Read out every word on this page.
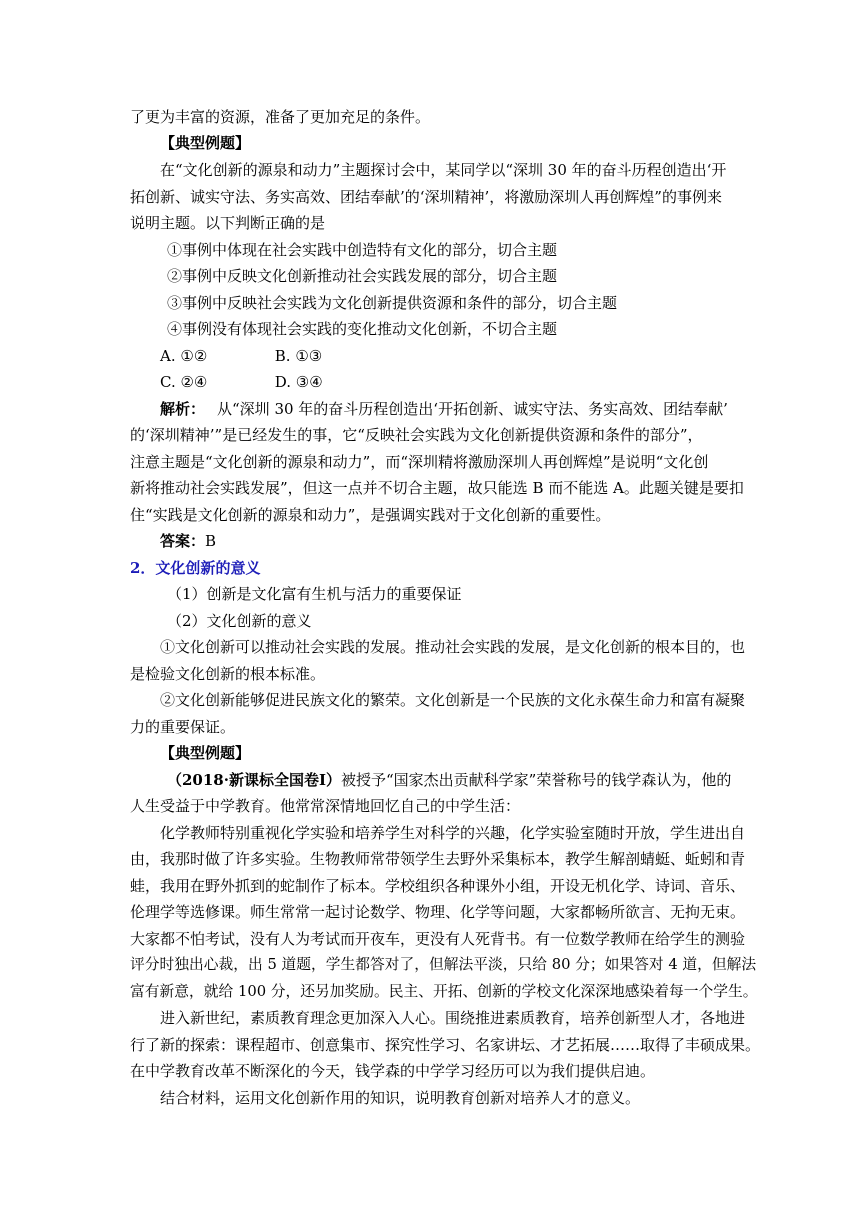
了更为丰富的资源，准备了更加充足的条件。
【典型例题】
在“文化创新的源泉和动力”主题探讨会中，某同学以“深圳 30 年的奋斗历程创造出‘开
拓创新、诚实守法、务实高效、团结奉献’的‘深圳精神’，将激励深圳人再创辉煌”的事例来
说明主题。以下判断正确的是
①事例中体现在社会实践中创造特有文化的部分，切合主题
②事例中反映文化创新推动社会实践发展的部分，切合主题
③事例中反映社会实践为文化创新提供资源和条件的部分，切合主题
④事例没有体现社会实践的变化推动文化创新，不切合主题
A. ①②	B. ①③
C. ②④	D. ③④
解析： 从“深圳 30 年的奋斗历程创造出‘开拓创新、诚实守法、务实高效、团结奉献’
的‘深圳精神’”是已经发生的事，它“反映社会实践为文化创新提供资源和条件的部分”，
注意主题是“文化创新的源泉和动力”，而“深圳精将激励深圳人再创辉煌”是说明“文化创
新将推动社会实践发展”，但这一点并不切合主题，故只能选 B 而不能选 A。此题关键是要扣
住“实践是文化创新的源泉和动力”，是强调实践对于文化创新的重要性。
答案：B
2．文化创新的意义
（1）创新是文化富有生机与活力的重要保证
（2）文化创新的意义
①文化创新可以推动社会实践的发展。推动社会实践的发展，是文化创新的根本目的，也
是检验文化创新的根本标准。
②文化创新能够促进民族文化的繁荣。文化创新是一个民族的文化永葆生命力和富有凝聚
力的重要保证。
【典型例题】
（2018·新课标全国卷Ⅰ）被授予“国家杰出贡献科学家”荣誉称号的钱学森认为，他的
人生受益于中学教育。他常常深情地回忆自己的中学生活：
化学教师特别重视化学实验和培养学生对科学的兴趣，化学实验室随时开放，学生进出自
由，我那时做了许多实验。生物教师常带领学生去野外采集标本，教学生解剖蜻蜓、蚯蚓和青
蛙，我用在野外抓到的蛇制作了标本。学校组织各种课外小组，开设无机化学、诗词、音乐、
伦理学等选修课。师生常常一起讨论数学、物理、化学等问题，大家都畅所欲言、无拘无束。
大家都不怕考试，没有人为考试而开夜车，更没有人死背书。有一位数学教师在给学生的测验
评分时独出心裁，出 5 道题，学生都答对了，但解法平淡，只给 80 分；如果答对 4 道，但解法
富有新意，就给 100 分，还另加奖励。民主、开拓、创新的学校文化深深地感染着每一个学生。
进入新世纪，素质教育理念更加深入人心。围绕推进素质教育，培养创新型人才，各地进
行了新的探索：课程超市、创意集市、探究性学习、名家讲坛、才艺拓展……取得了丰硕成果。
在中学教育改革不断深化的今天，钱学森的中学学习经历可以为我们提供启迪。
结合材料，运用文化创新作用的知识，说明教育创新对培养人才的意义。
